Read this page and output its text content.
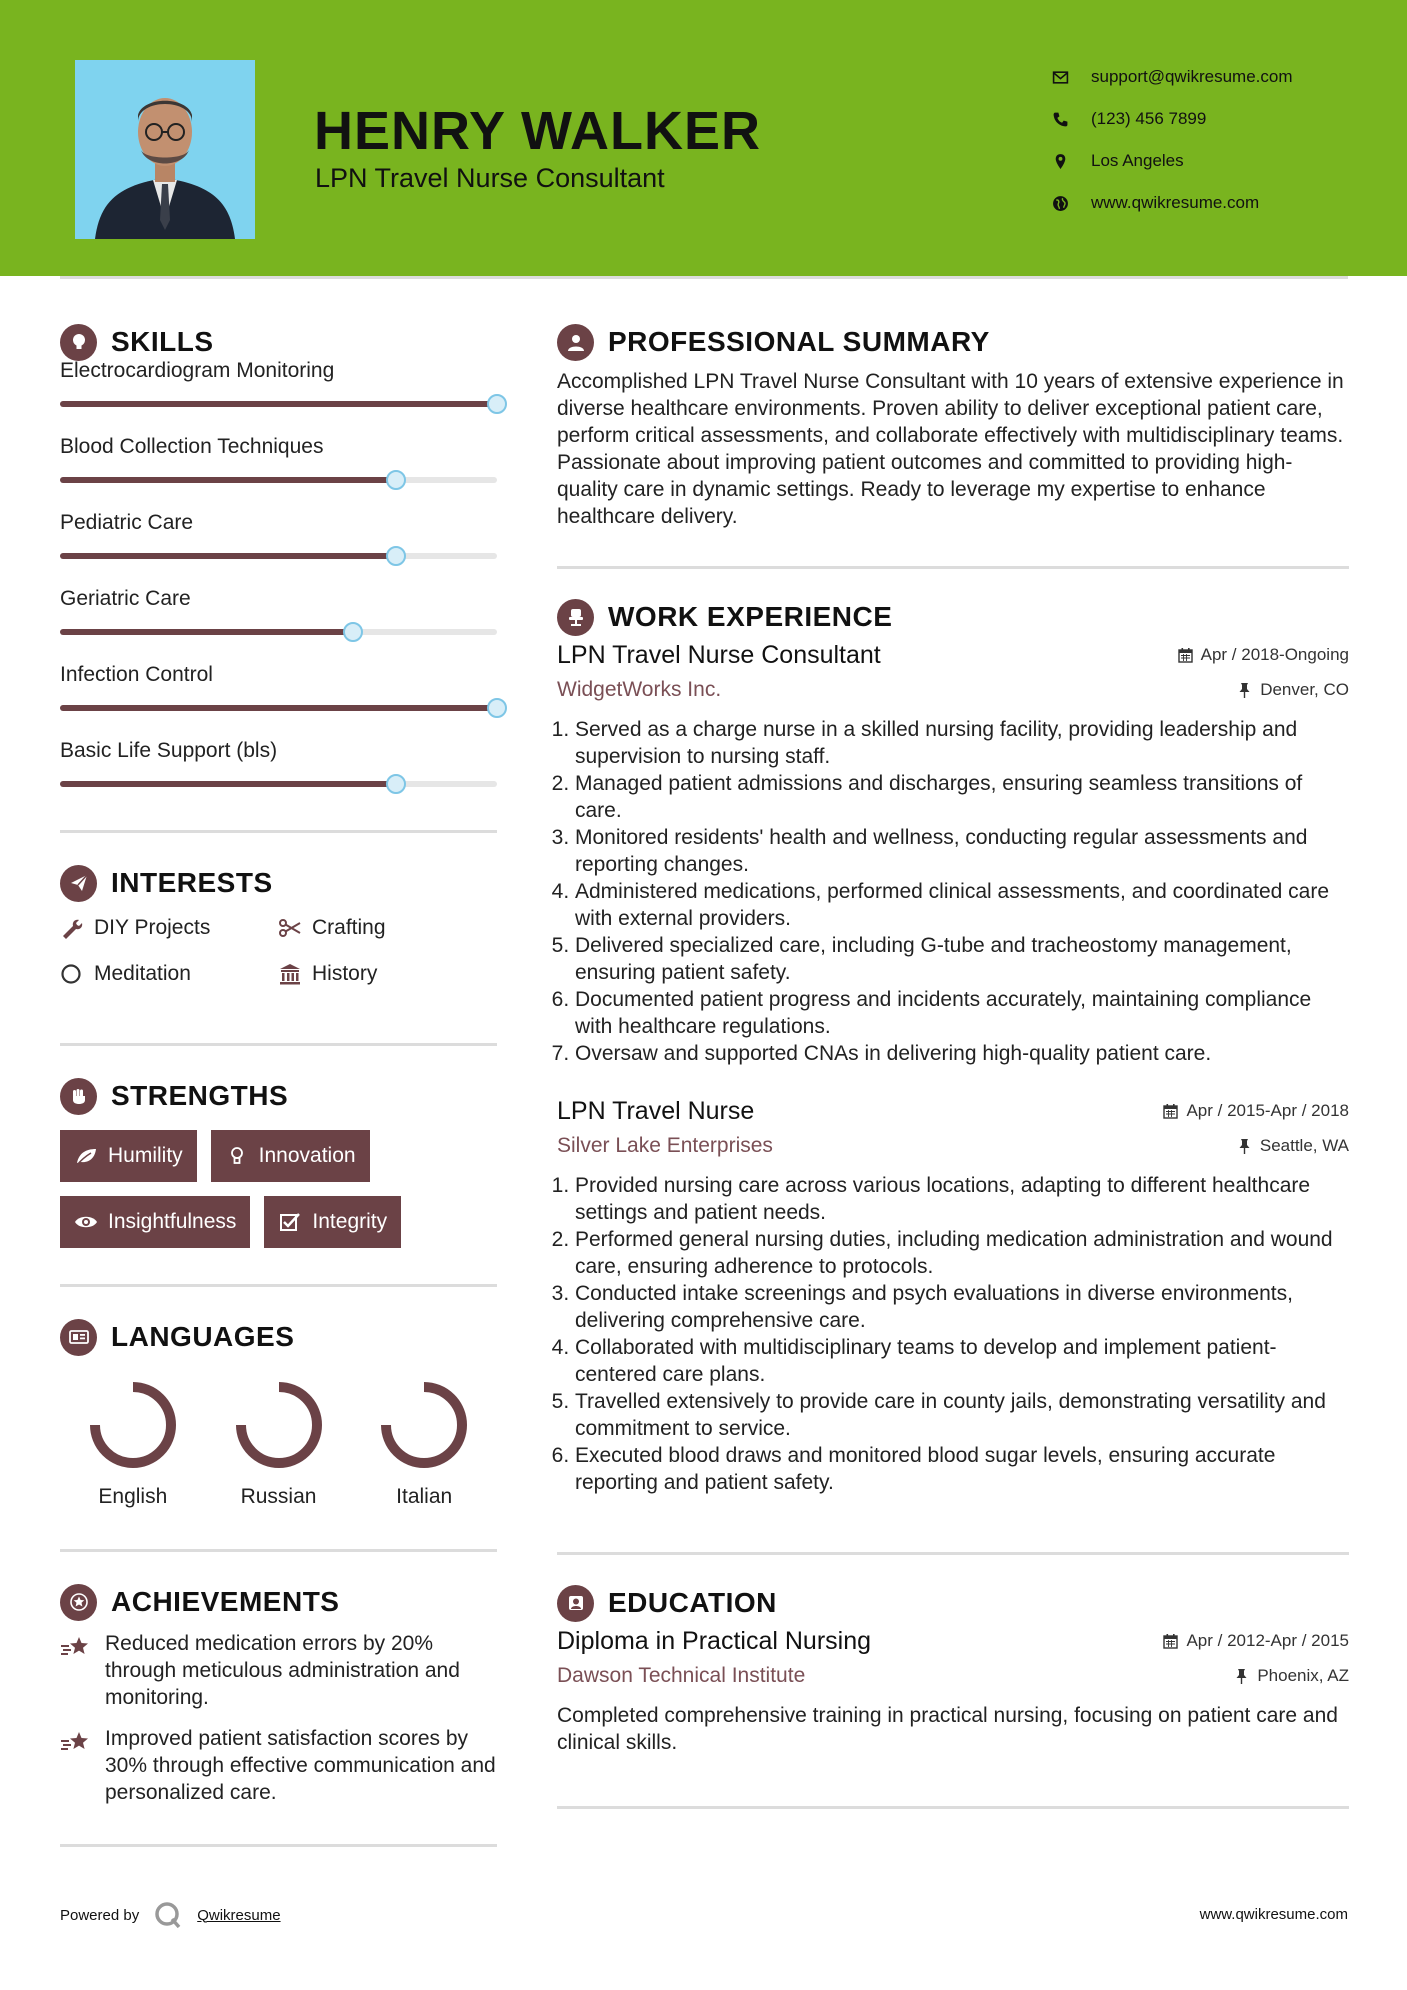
HENRY WALKER
LPN Travel Nurse Consultant
support@qwikresume.com
(123) 456 7899
Los Angeles
www.qwikresume.com
SKILLS
Electrocardiogram Monitoring
Blood Collection Techniques
Pediatric Care
Geriatric Care
Infection Control
Basic Life Support (bls)
INTERESTS
DIY Projects	Crafting
Meditation	History
STRENGTHS
Humility	Innovation
Insightfulness	Integrity
LANGUAGES
English	Russian	Italian
ACHIEVEMENTS
Reduced medication errors by 20% through meticulous administration and monitoring.
Improved patient satisfaction scores by 30% through effective communication and personalized care.
PROFESSIONAL SUMMARY
Accomplished LPN Travel Nurse Consultant with 10 years of extensive experience in diverse healthcare environments. Proven ability to deliver exceptional patient care, perform critical assessments, and collaborate effectively with multidisciplinary teams. Passionate about improving patient outcomes and committed to providing high-quality care in dynamic settings. Ready to leverage my expertise to enhance healthcare delivery.
WORK EXPERIENCE
LPN Travel Nurse Consultant	Apr / 2018-Ongoing
WidgetWorks Inc.	Denver, CO
1. Served as a charge nurse in a skilled nursing facility, providing leadership and supervision to nursing staff.
2. Managed patient admissions and discharges, ensuring seamless transitions of care.
3. Monitored residents' health and wellness, conducting regular assessments and reporting changes.
4. Administered medications, performed clinical assessments, and coordinated care with external providers.
5. Delivered specialized care, including G-tube and tracheostomy management, ensuring patient safety.
6. Documented patient progress and incidents accurately, maintaining compliance with healthcare regulations.
7. Oversaw and supported CNAs in delivering high-quality patient care.
LPN Travel Nurse	Apr / 2015-Apr / 2018
Silver Lake Enterprises	Seattle, WA
1. Provided nursing care across various locations, adapting to different healthcare settings and patient needs.
2. Performed general nursing duties, including medication administration and wound care, ensuring adherence to protocols.
3. Conducted intake screenings and psych evaluations in diverse environments, delivering comprehensive care.
4. Collaborated with multidisciplinary teams to develop and implement patient-centered care plans.
5. Travelled extensively to provide care in county jails, demonstrating versatility and commitment to service.
6. Executed blood draws and monitored blood sugar levels, ensuring accurate reporting and patient safety.
EDUCATION
Diploma in Practical Nursing	Apr / 2012-Apr / 2015
Dawson Technical Institute	Phoenix, AZ
Completed comprehensive training in practical nursing, focusing on patient care and clinical skills.
Powered by	Qwikresume	www.qwikresume.com
